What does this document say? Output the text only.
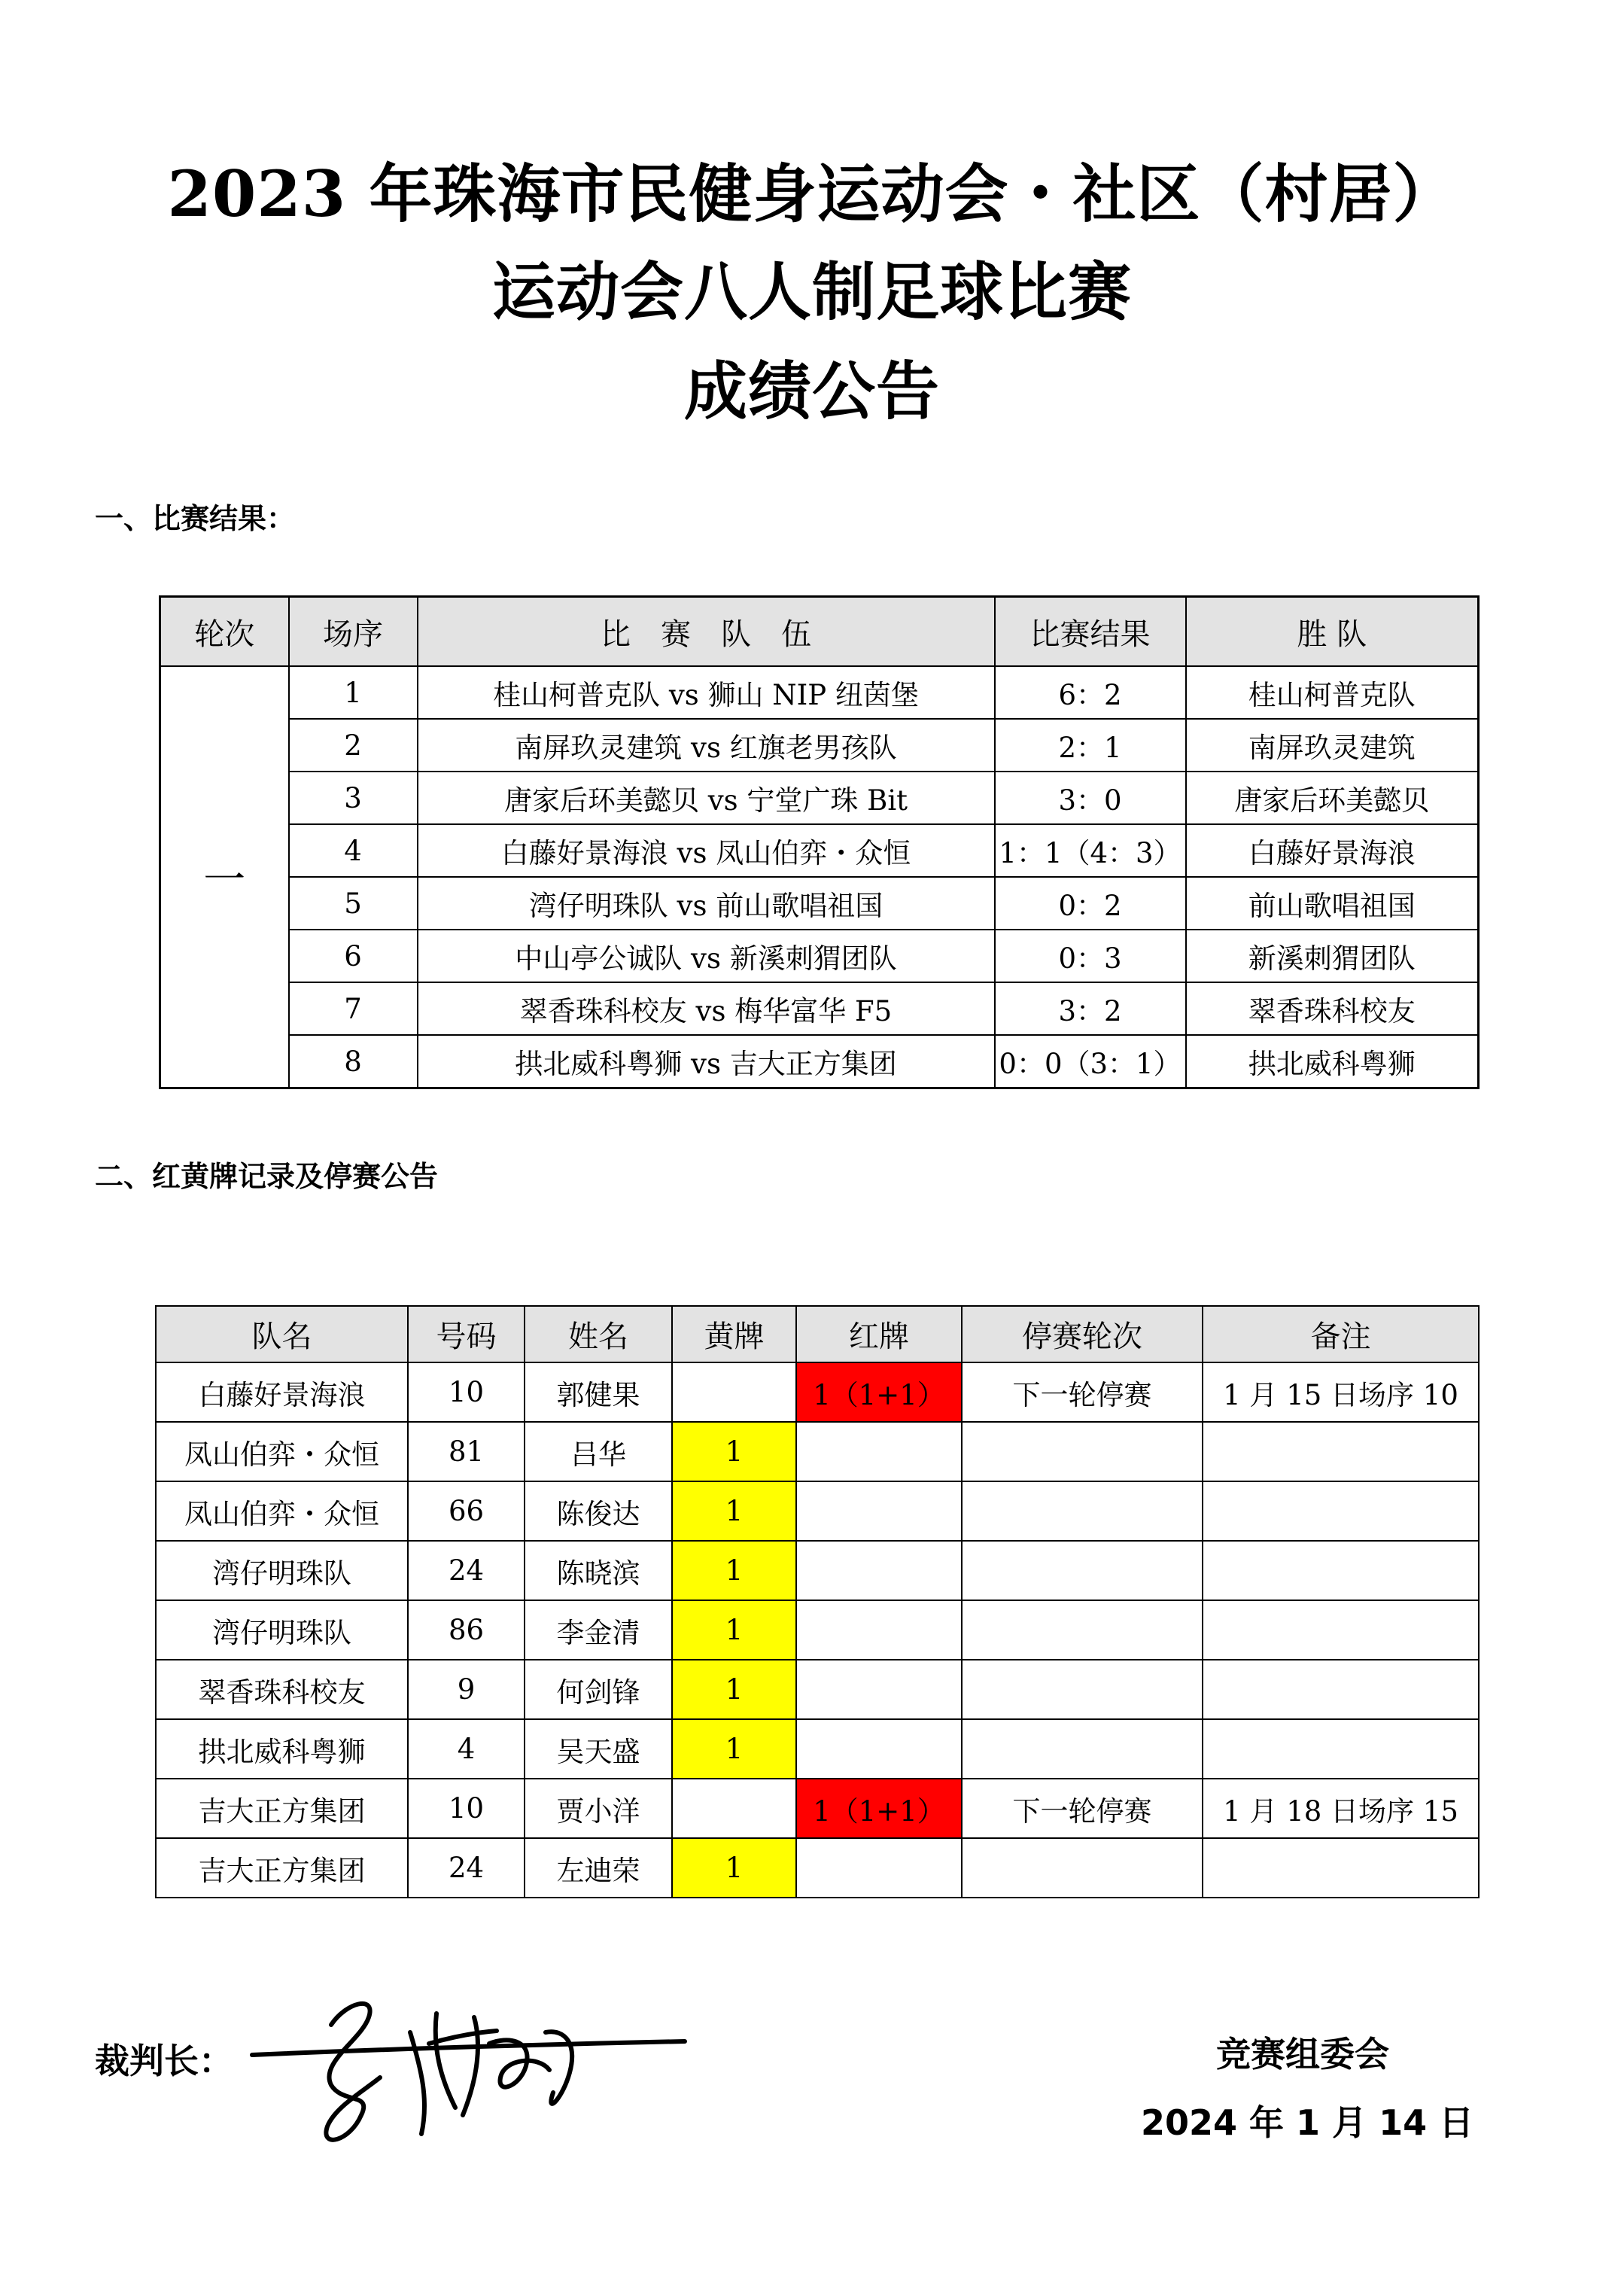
2023 年珠海市民健身运动会・社区（村居）
运动会八人制足球比赛
成绩公告
一、比赛结果：
轮次	场序	比　赛　队　伍	比赛结果	胜 队
一	1	桂山柯普克队 vs 狮山 NIP 纽茵堡	6：2	桂山柯普克队
	2	南屏玖灵建筑 vs 红旗老男孩队	2：1	南屏玖灵建筑
	3	唐家后环美懿贝 vs 宁堂广珠 Bit	3：0	唐家后环美懿贝
	4	白藤好景海浪 vs 凤山伯弈・众恒	1：1（4：3）	白藤好景海浪
	5	湾仔明珠队 vs 前山歌唱祖国	0：2	前山歌唱祖国
	6	中山亭公诚队 vs 新溪刺猬团队	0：3	新溪刺猬团队
	7	翠香珠科校友 vs 梅华富华 F5	3：2	翠香珠科校友
	8	拱北威科粤狮 vs 吉大正方集团	0：0（3：1）	拱北威科粤狮
二、红黄牌记录及停赛公告
队名	号码	姓名	黄牌	红牌	停赛轮次	备注
白藤好景海浪	10	郭健果		1（1+1）	下一轮停赛	1 月 15 日场序 10
凤山伯弈・众恒	81	吕华	1			
凤山伯弈・众恒	66	陈俊达	1			
湾仔明珠队	24	陈晓滨	1			
湾仔明珠队	86	李金清	1			
翠香珠科校友	9	何剑锋	1			
拱北威科粤狮	4	吴天盛	1			
吉大正方集团	10	贾小洋		1（1+1）	下一轮停赛	1 月 18 日场序 15
吉大正方集团	24	左迪荣	1			
裁判长：	竞赛组委会
2024 年 1 月 14 日
